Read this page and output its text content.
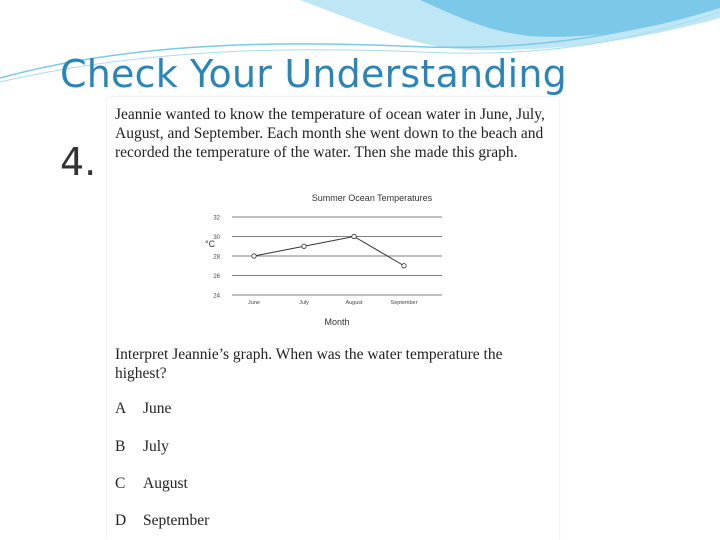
Check Your Understanding
4.

Jeannie wanted to know the temperature of ocean water in June, July, August, and September. Each month she went down to the beach and recorded the temperature of the water. Then she made this graph.

Summer Ocean Temperatures
°C
Month
24
26
28
30
32
June	July	August	September

Interpret Jeannie’s graph. When was the water temperature the highest?

A June
B July
C August
D September
